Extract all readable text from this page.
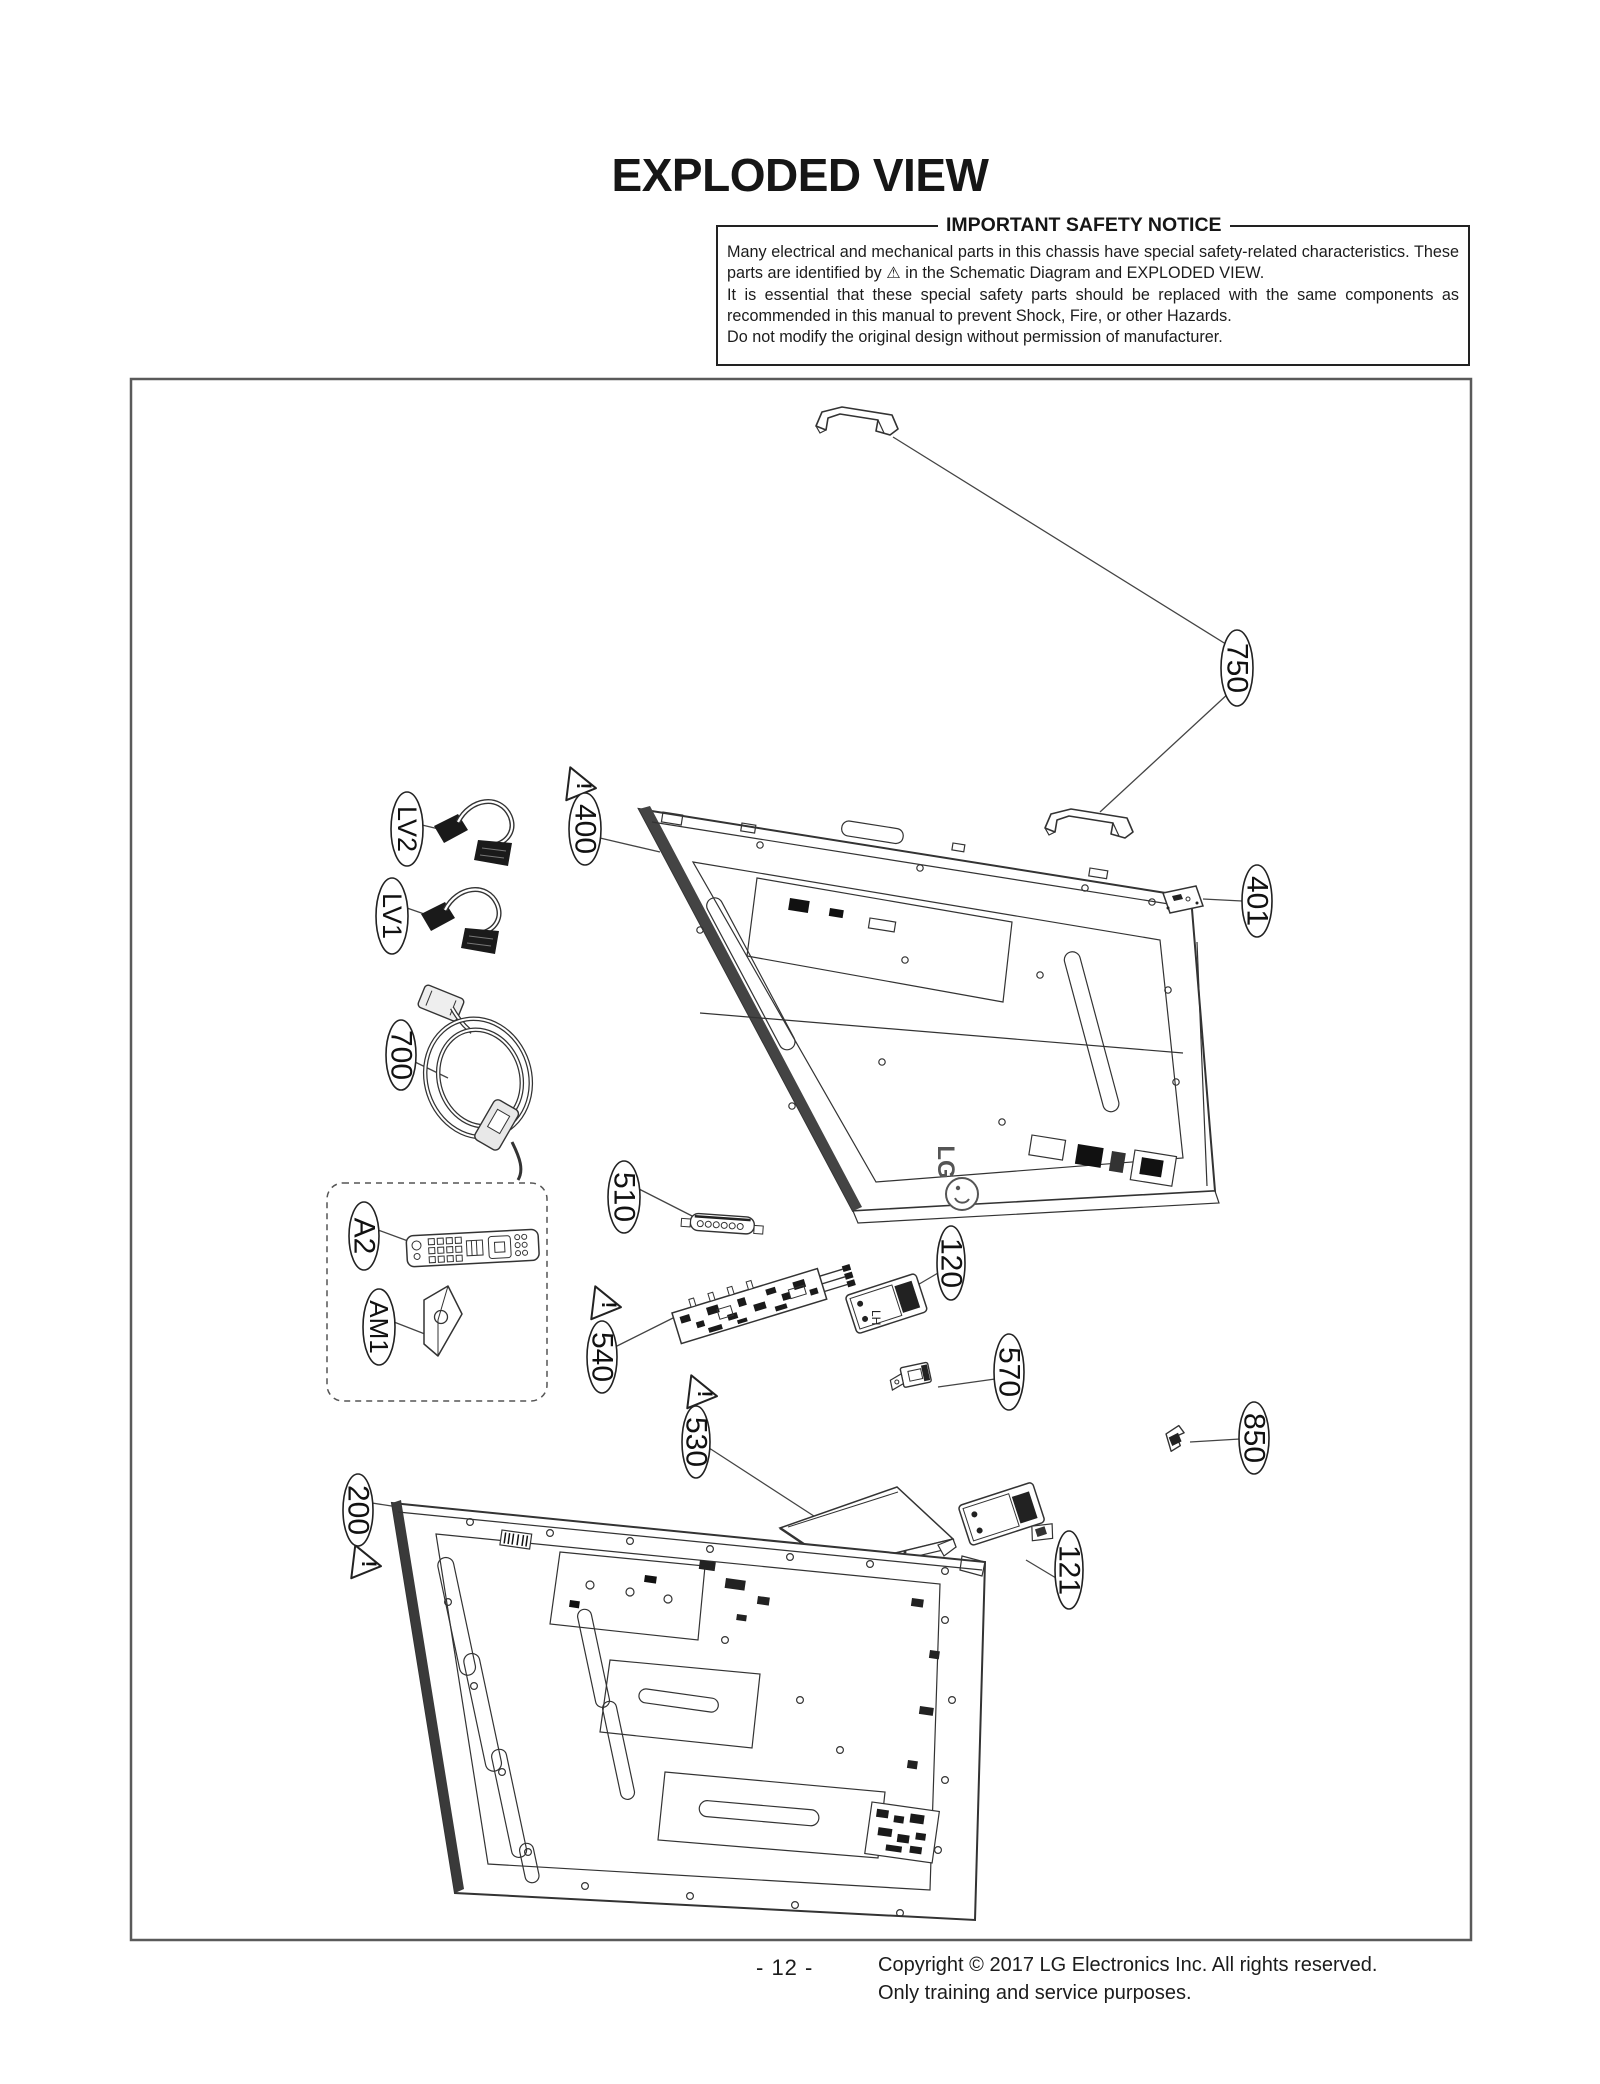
EXPLODED VIEW
IMPORTANT SAFETY NOTICE
Many electrical and mechanical parts in this chassis have special safety-related characteristics. These
parts are identified by ⚠ in the Schematic Diagram and EXPLODED VIEW.
It is essential that these special safety parts should be replaced with the same components as
recommended in this manual to prevent Shock, Fire, or other Hazards.
Do not modify the original design without permission of manufacturer.
LG
LH
!
!
!
!
750
400
401
LV2
LV1
700
510
A2
AM1
540
120
570
850
121
530
200
- 12 -	Copyright © 2017 LG Electronics Inc. All rights reserved.
Only training and service purposes.
